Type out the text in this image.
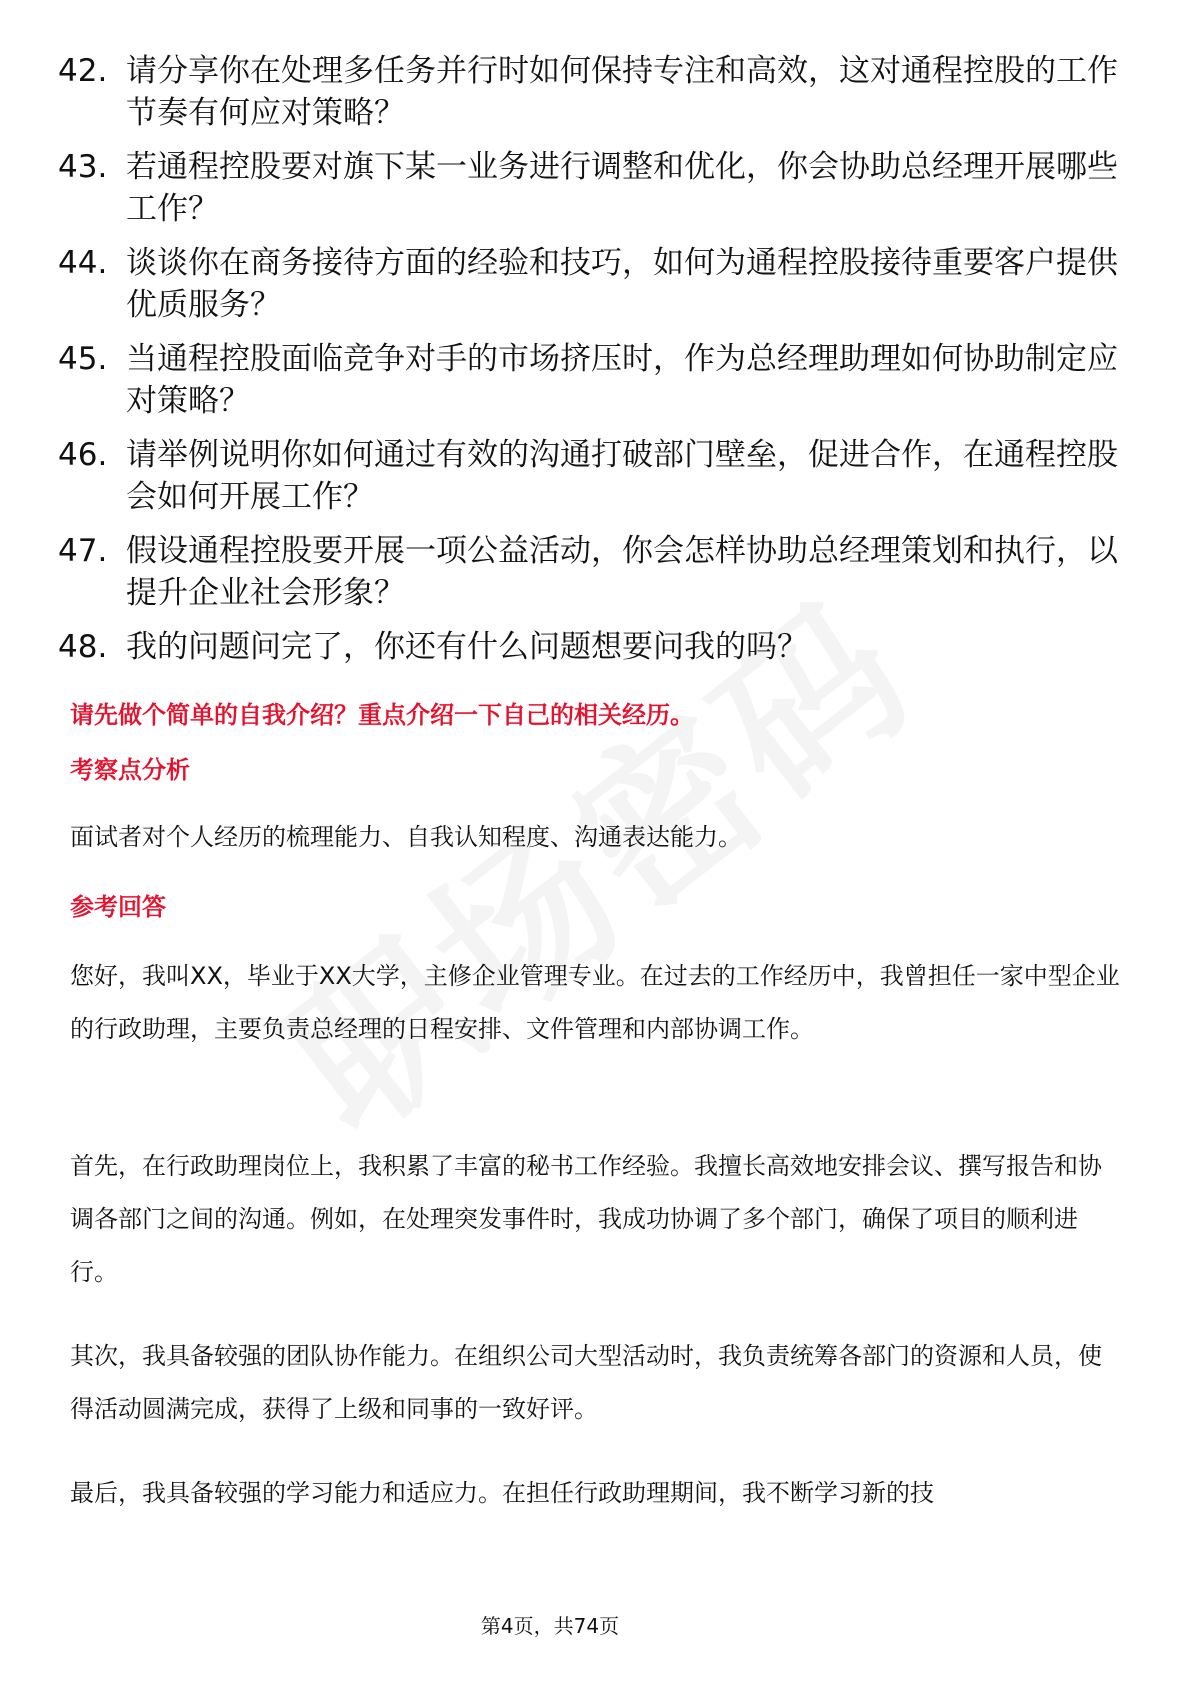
42. 请分享你在处理多任务并行时如何保持专注和高效，这对通程控股的工作节奏有何应对策略？
43. 若通程控股要对旗下某一业务进行调整和优化，你会协助总经理开展哪些工作？
44. 谈谈你在商务接待方面的经验和技巧，如何为通程控股接待重要客户提供优质服务？
45. 当通程控股面临竞争对手的市场挤压时，作为总经理助理如何协助制定应对策略？
46. 请举例说明你如何通过有效的沟通打破部门壁垒，促进合作，在通程控股会如何开展工作？
47. 假设通程控股要开展一项公益活动，你会怎样协助总经理策划和执行，以提升企业社会形象？
48. 我的问题问完了，你还有什么问题想要问我的吗？
请先做个简单的自我介绍？重点介绍一下自己的相关经历。
考察点分析
面试者对个人经历的梳理能力、自我认知程度、沟通表达能力。
参考回答

您好，我叫XX，毕业于XX大学，主修企业管理专业。在过去的工作经历中，我曾担任一家中型企业的行政助理，主要负责总经理的日程安排、文件管理和内部协调工作。

首先，在行政助理岗位上，我积累了丰富的秘书工作经验。我擅长高效地安排会议、撰写报告和协调各部门之间的沟通。例如，在处理突发事件时，我成功协调了多个部门，确保了项目的顺利进行。

其次，我具备较强的团队协作能力。在组织公司大型活动时，我负责统筹各部门的资源和人员，使得活动圆满完成，获得了上级和同事的一致好评。

最后，我具备较强的学习能力和适应力。在担任行政助理期间，我不断学习新的技

第4页，共74页
